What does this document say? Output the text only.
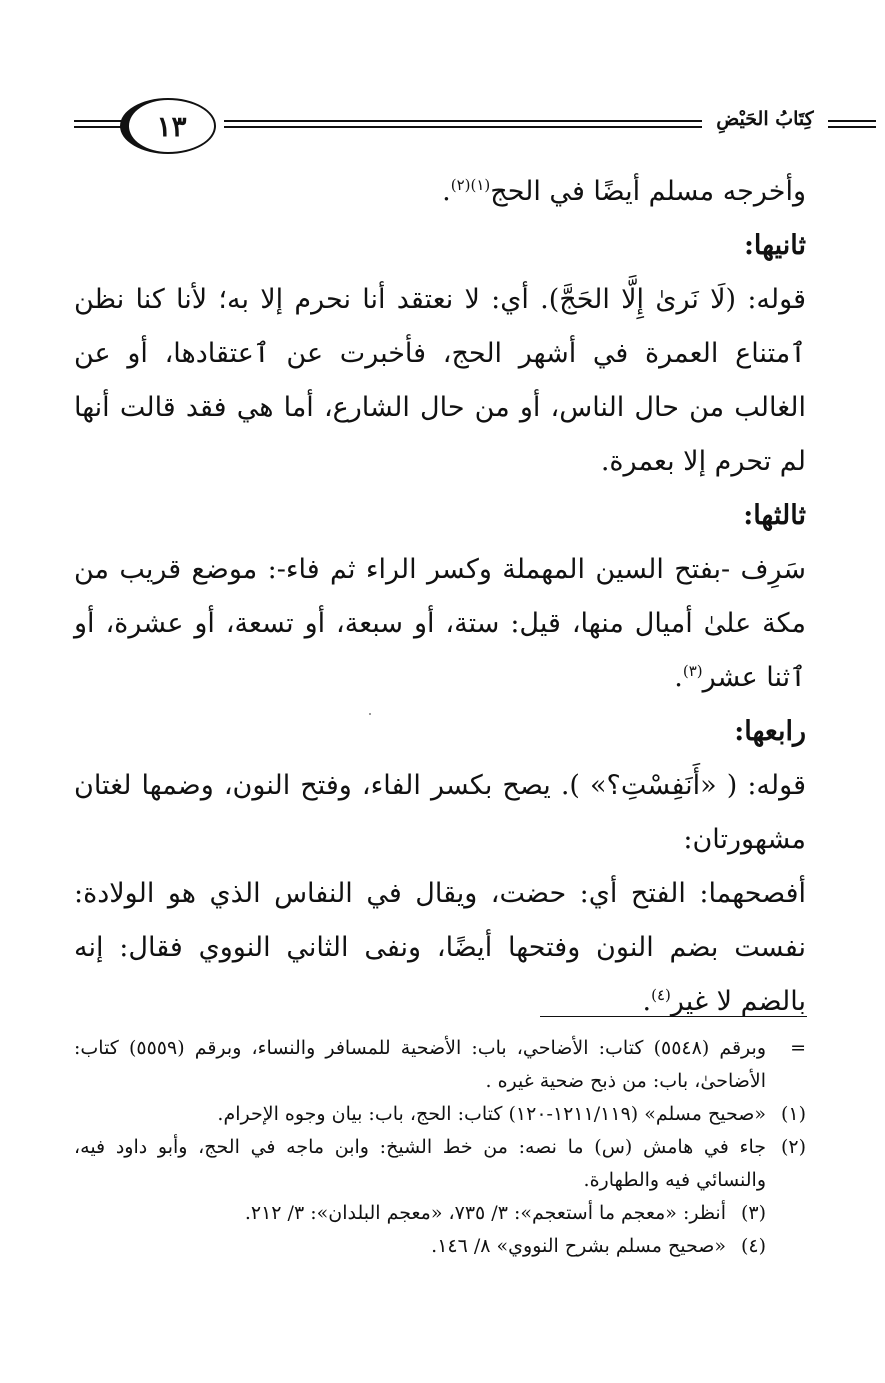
١٣	كِتَابُ الحَيْضِ

وأخرجه مسلم أيضًا في الحج$^{(١)(٢)}$.

ثانيها:

قوله: (لَا نَرىٰ إِلَّا الحَجَّ). أي: لا نعتقد أنا نحرم إلا به؛ لأنا كنا نظن ٱمتناع العمرة في أشهر الحج، فأخبرت عن ٱعتقادها، أو عن الغالب من حال الناس، أو من حال الشارع، أما هي فقد قالت أنها لم تحرم إلا بعمرة.

ثالثها:

سَرِف -بفتح السين المهملة وكسر الراء ثم فاء-: موضع قريب من مكة علىٰ أميال منها، قيل: ستة، أو سبعة، أو تسعة، أو عشرة، أو ٱثنا عشر$^{(٣)}$.

رابعها:

قوله: ( «أَنَفِسْتِ؟» ). يصح بكسر الفاء، وفتح النون، وضمها لغتان مشهورتان:

أفصحهما: الفتح أي: حضت، ويقال في النفاس الذي هو الولادة: نفست بضم النون وفتحها أيضًا، ونفى الثاني النووي فقال: إنه بالضم لا غير$^{(٤)}$.

=
وبرقم (٥٥٤٨) كتاب: الأضاحي، باب: الأضحية للمسافر والنساء، وبرقم (٥٥٥٩) كتاب: الأضاحىٰ، باب: من ذبح ضحية غيره .

(١)
«صحيح مسلم» (١٢١١/١١٩-١٢٠) كتاب: الحج، باب: بيان وجوه الإحرام.

(٢)
جاء في هامش (س) ما نصه: من خط الشيخ: وابن ماجه في الحج، وأبو داود فيه، والنسائي فيه والطهارة.

(٣)
أنظر: «معجم ما أستعجم»: ٣/ ٧٣٥، «معجم البلدان»: ٣/ ٢١٢.

(٤)
«صحيح مسلم بشرح النووي» ٨/ ١٤٦.
